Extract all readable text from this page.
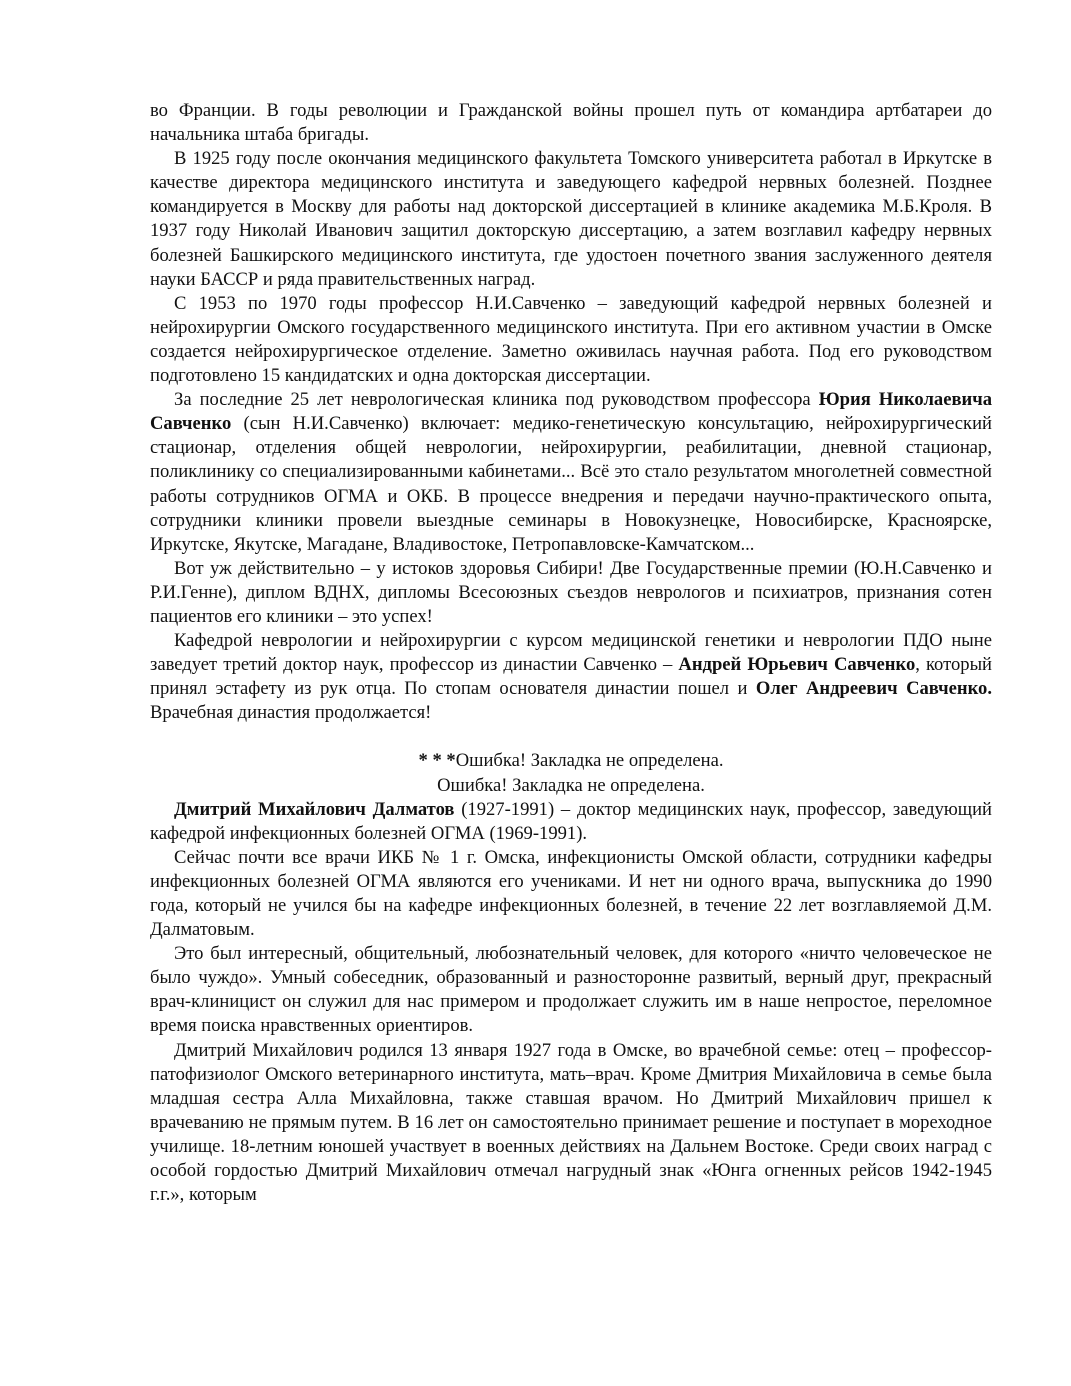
во Франции. В годы революции и Гражданской войны прошел путь от командира артбатареи до начальника штаба бригады.

В 1925 году после окончания медицинского факультета Томского университета работал в Иркутске в качестве директора медицинского института и заведующего кафедрой нервных болезней. Позднее командируется в Москву для работы над докторской диссертацией в клинике академика М.Б.Кроля. В 1937 году Николай Иванович защитил докторскую диссертацию, а затем возглавил кафедру нервных болезней Башкирского медицинского института, где удостоен почетного звания заслуженного деятеля науки БАССР и ряда правительственных наград.

С 1953 по 1970 годы профессор Н.И.Савченко – заведующий кафедрой нервных болезней и нейрохирургии Омского государственного медицинского института. При его активном участии в Омске создается нейрохирургическое отделение. Заметно оживилась научная работа. Под его руководством подготовлено 15 кандидатских и одна докторская диссертации.

За последние 25 лет неврологическая клиника под руководством профессора Юрия Николаевича Савченко (сын Н.И.Савченко) включает: медико-генетическую консультацию, нейрохирургический стационар, отделения общей неврологии, нейрохирургии, реабилитации, дневной стационар, поликлинику со специализированными кабинетами... Всё это стало результатом многолетней совместной работы сотрудников ОГМА и ОКБ. В процессе внедрения и передачи научно-практического опыта, сотрудники клиники провели выездные семинары в Новокузнецке, Новосибирске, Красноярске, Иркутске, Якутске, Магадане, Владивостоке, Петропавловске-Камчатском...

Вот уж действительно – у истоков здоровья Сибири! Две Государственные премии (Ю.Н.Савченко и Р.И.Генне), диплом ВДНХ, дипломы Всесоюзных съездов неврологов и психиатров, признания сотен пациентов его клиники – это успех!

Кафедрой неврологии и нейрохирургии с курсом медицинской генетики и неврологии ПДО ныне заведует третий доктор наук, профессор из династии Савченко – Андрей Юрьевич Савченко, который принял эстафету из рук отца. По стопам основателя династии пошел и Олег Андреевич Савченко. Врачебная династия продолжается!

* * *Ошибка! Закладка не определена.

Ошибка! Закладка не определена.

Дмитрий Михайлович Далматов (1927-1991) – доктор медицинских наук, профессор, заведующий кафедрой инфекционных болезней ОГМА (1969-1991).

Сейчас почти все врачи ИКБ № 1 г. Омска, инфекционисты Омской области, сотрудники кафедры инфекционных болезней ОГМА являются его учениками. И нет ни одного врача, выпускника до 1990 года, который не учился бы на кафедре инфекционных болезней, в течение 22 лет возглавляемой Д.М. Далматовым.

Это был интересный, общительный, любознательный человек, для которого «ничто человеческое не было чуждо». Умный собеседник, образованный и разносторонне развитый, верный друг, прекрасный врач-клиницист он служил для нас примером и продолжает служить им в наше непростое, переломное время поиска нравственных ориентиров.

Дмитрий Михайлович родился 13 января 1927 года в Омске, во врачебной семье: отец – профессор-патофизиолог Омского ветеринарного института, мать–врач. Кроме Дмитрия Михайловича в семье была младшая сестра Алла Михайловна, также ставшая врачом. Но Дмитрий Михайлович пришел к врачеванию не прямым путем. В 16 лет он самостоятельно принимает решение и поступает в мореходное училище. 18-летним юношей участвует в военных действиях на Дальнем Востоке. Среди своих наград с особой гордостью Дмитрий Михайлович отмечал нагрудный знак «Юнга огненных рейсов 1942-1945 г.г.», которым
